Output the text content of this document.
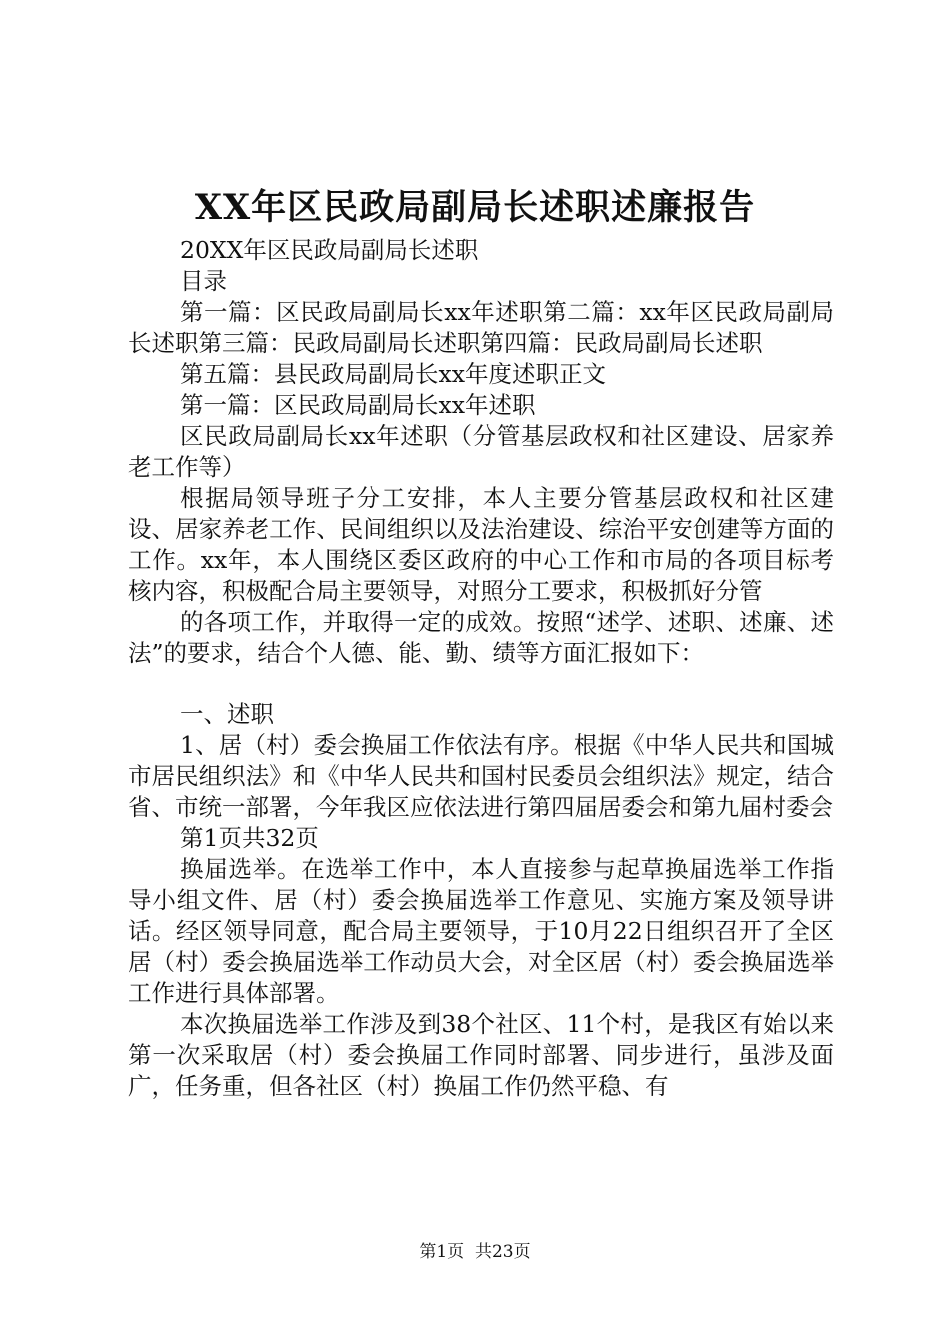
XX年区民政局副局长述职述廉报告

20XX年区民政局副局长述职

目录

第一篇：区民政局副局长xx年述职第二篇：xx年区民政局副局长述职第三篇：民政局副局长述职第四篇：民政局副局长述职

第五篇：县民政局副局长xx年度述职正文

第一篇：区民政局副局长xx年述职

区民政局副局长xx年述职（分管基层政权和社区建设、居家养老工作等）

根据局领导班子分工安排，本人主要分管基层政权和社区建设、居家养老工作、民间组织以及法治建设、综治平安创建等方面的工作。xx年，本人围绕区委区政府的中心工作和市局的各项目标考核内容，积极配合局主要领导，对照分工要求，积极抓好分管

的各项工作，并取得一定的成效。按照“述学、述职、述廉、述法”的要求，结合个人德、能、勤、绩等方面汇报如下：

一、述职

1、居（村）委会换届工作依法有序。根据《中华人民共和国城市居民组织法》和《中华人民共和国村民委员会组织法》规定，结合省、市统一部署，今年我区应依法进行第四届居委会和第九届村委会

第1页共32页

换届选举。在选举工作中，本人直接参与起草换届选举工作指导小组文件、居（村）委会换届选举工作意见、实施方案及领导讲话。经区领导同意，配合局主要领导，于10月22日组织召开了全区居（村）委会换届选举工作动员大会，对全区居（村）委会换届选举工作进行具体部署。

本次换届选举工作涉及到38个社区、11个村，是我区有始以来第一次采取居（村）委会换届工作同时部署、同步进行，虽涉及面广，任务重，但各社区（村）换届工作仍然平稳、有

第1页  共23页
